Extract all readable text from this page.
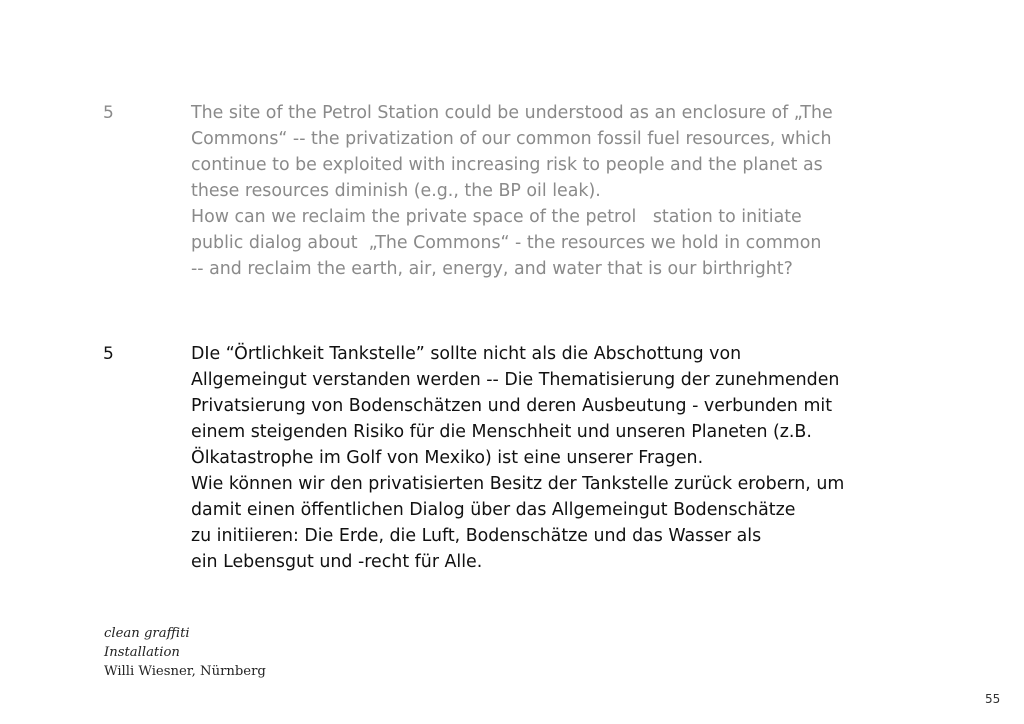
5	The site of the Petrol Station could be understood as an enclosure of „The
Commons“ -- the privatization of our common fossil fuel resources, which
continue to be exploited with increasing risk to people and the planet as
these resources diminish (e.g., the BP oil leak).
How can we reclaim the private space of the petrol   station to initiate
public dialog about  „The Commons“ - the resources we hold in common
-- and reclaim the earth, air, energy, and water that is our birthright?
5	DIe “Örtlichkeit Tankstelle” sollte nicht als die Abschottung von
Allgemeingut verstanden werden -- Die Thematisierung der zunehmenden
Privatsierung von Bodenschätzen und deren Ausbeutung - verbunden mit
einem steigenden Risiko für die Menschheit und unseren Planeten (z.B.
Ölkatastrophe im Golf von Mexiko) ist eine unserer Fragen.
Wie können wir den privatisierten Besitz der Tankstelle zurück erobern, um
damit einen öffentlichen Dialog über das Allgemeingut Bodenschätze
zu initiieren: Die Erde, die Luft, Bodenschätze und das Wasser als
ein Lebensgut und -recht für Alle.
clean graffiti
Installation
Willi Wiesner, Nürnberg
55
